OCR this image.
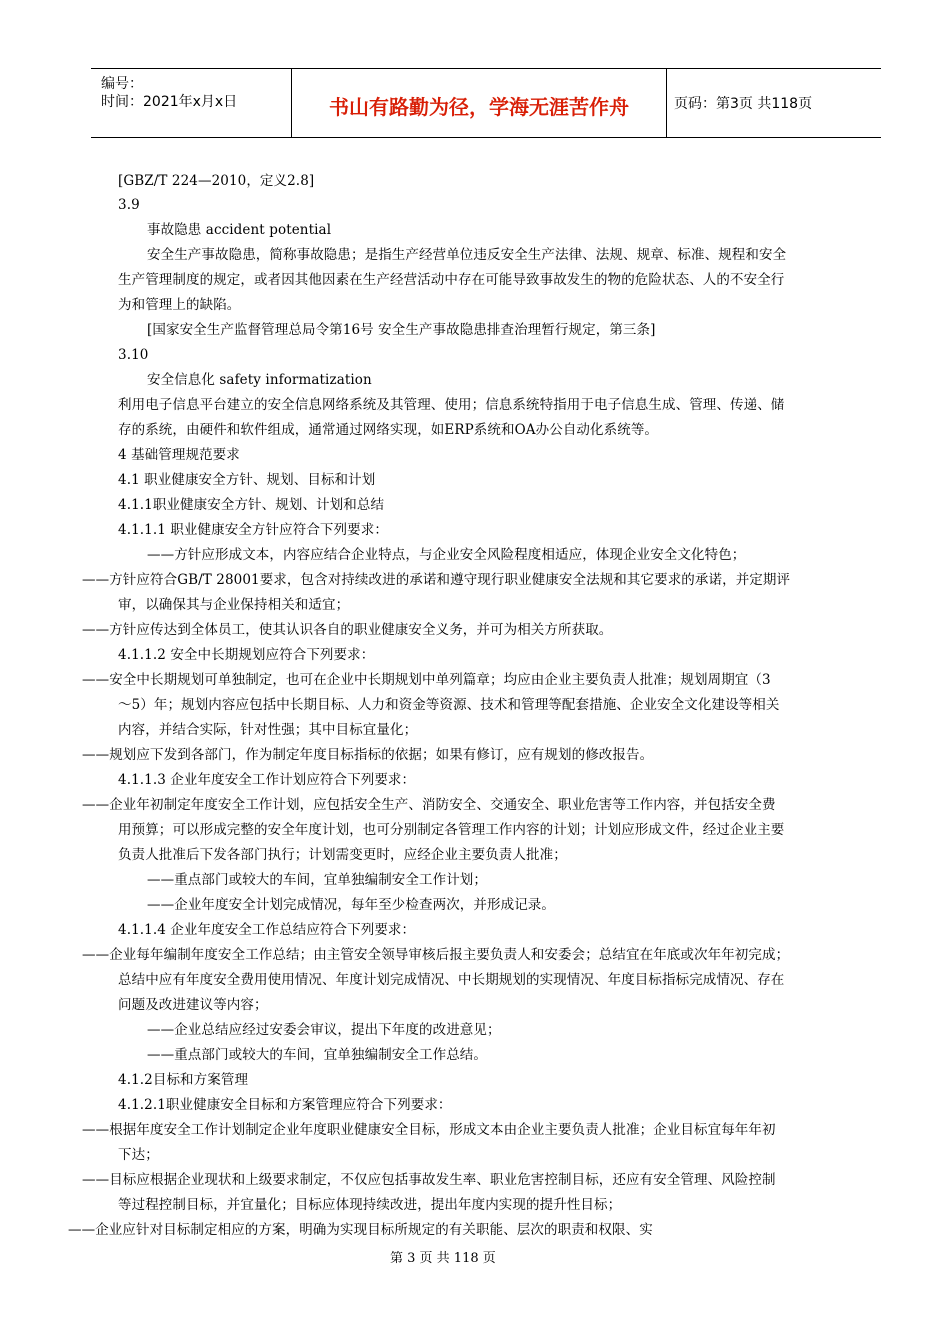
编号：
时间：2021年x月x日	书山有路勤为径，学海无涯苦作舟	页码：第3页 共118页
[GBZ/T 224—2010，定义2.8]
3.9
事故隐患 accident potential
安全生产事故隐患，简称事故隐患；是指生产经营单位违反安全生产法律、法规、规章、标准、规程和安全
生产管理制度的规定，或者因其他因素在生产经营活动中存在可能导致事故发生的物的危险状态、人的不安全行
为和管理上的缺陷。
[国家安全生产监督管理总局令第16号 安全生产事故隐患排查治理暂行规定，第三条]
3.10
安全信息化 safety informatization
利用电子信息平台建立的安全信息网络系统及其管理、使用；信息系统特指用于电子信息生成、管理、传递、储
存的系统，由硬件和软件组成，通常通过网络实现，如ERP系统和OA办公自动化系统等。
4 基础管理规范要求
4.1 职业健康安全方针、规划、目标和计划
4.1.1职业健康安全方针、规划、计划和总结
4.1.1.1 职业健康安全方针应符合下列要求：
——方针应形成文本，内容应结合企业特点，与企业安全风险程度相适应，体现企业安全文化特色；
——方针应符合GB/T 28001要求，包含对持续改进的承诺和遵守现行职业健康安全法规和其它要求的承诺，并定期评
审，以确保其与企业保持相关和适宜；
——方针应传达到全体员工，使其认识各自的职业健康安全义务，并可为相关方所获取。
4.1.1.2 安全中长期规划应符合下列要求：
——安全中长期规划可单独制定，也可在企业中长期规划中单列篇章；均应由企业主要负责人批准；规划周期宜（3
～5）年；规划内容应包括中长期目标、人力和资金等资源、技术和管理等配套措施、企业安全文化建设等相关
内容，并结合实际，针对性强；其中目标宜量化；
——规划应下发到各部门，作为制定年度目标指标的依据；如果有修订，应有规划的修改报告。
4.1.1.3 企业年度安全工作计划应符合下列要求：
——企业年初制定年度安全工作计划，应包括安全生产、消防安全、交通安全、职业危害等工作内容，并包括安全费
用预算；可以形成完整的安全年度计划，也可分别制定各管理工作内容的计划；计划应形成文件，经过企业主要
负责人批准后下发各部门执行；计划需变更时，应经企业主要负责人批准；
——重点部门或较大的车间，宜单独编制安全工作计划；
——企业年度安全计划完成情况，每年至少检查两次，并形成记录。
4.1.1.4 企业年度安全工作总结应符合下列要求：
——企业每年编制年度安全工作总结；由主管安全领导审核后报主要负责人和安委会；总结宜在年底或次年年初完成；
总结中应有年度安全费用使用情况、年度计划完成情况、中长期规划的实现情况、年度目标指标完成情况、存在
问题及改进建议等内容；
——企业总结应经过安委会审议，提出下年度的改进意见；
——重点部门或较大的车间，宜单独编制安全工作总结。
4.1.2目标和方案管理
4.1.2.1职业健康安全目标和方案管理应符合下列要求：
——根据年度安全工作计划制定企业年度职业健康安全目标，形成文本由企业主要负责人批准；企业目标宜每年年初
下达；
——目标应根据企业现状和上级要求制定，不仅应包括事故发生率、职业危害控制目标，还应有安全管理、风险控制
等过程控制目标，并宜量化；目标应体现持续改进，提出年度内实现的提升性目标；
——企业应针对目标制定相应的方案，明确为实现目标所规定的有关职能、层次的职责和权限、实
第 3 页 共 118 页
